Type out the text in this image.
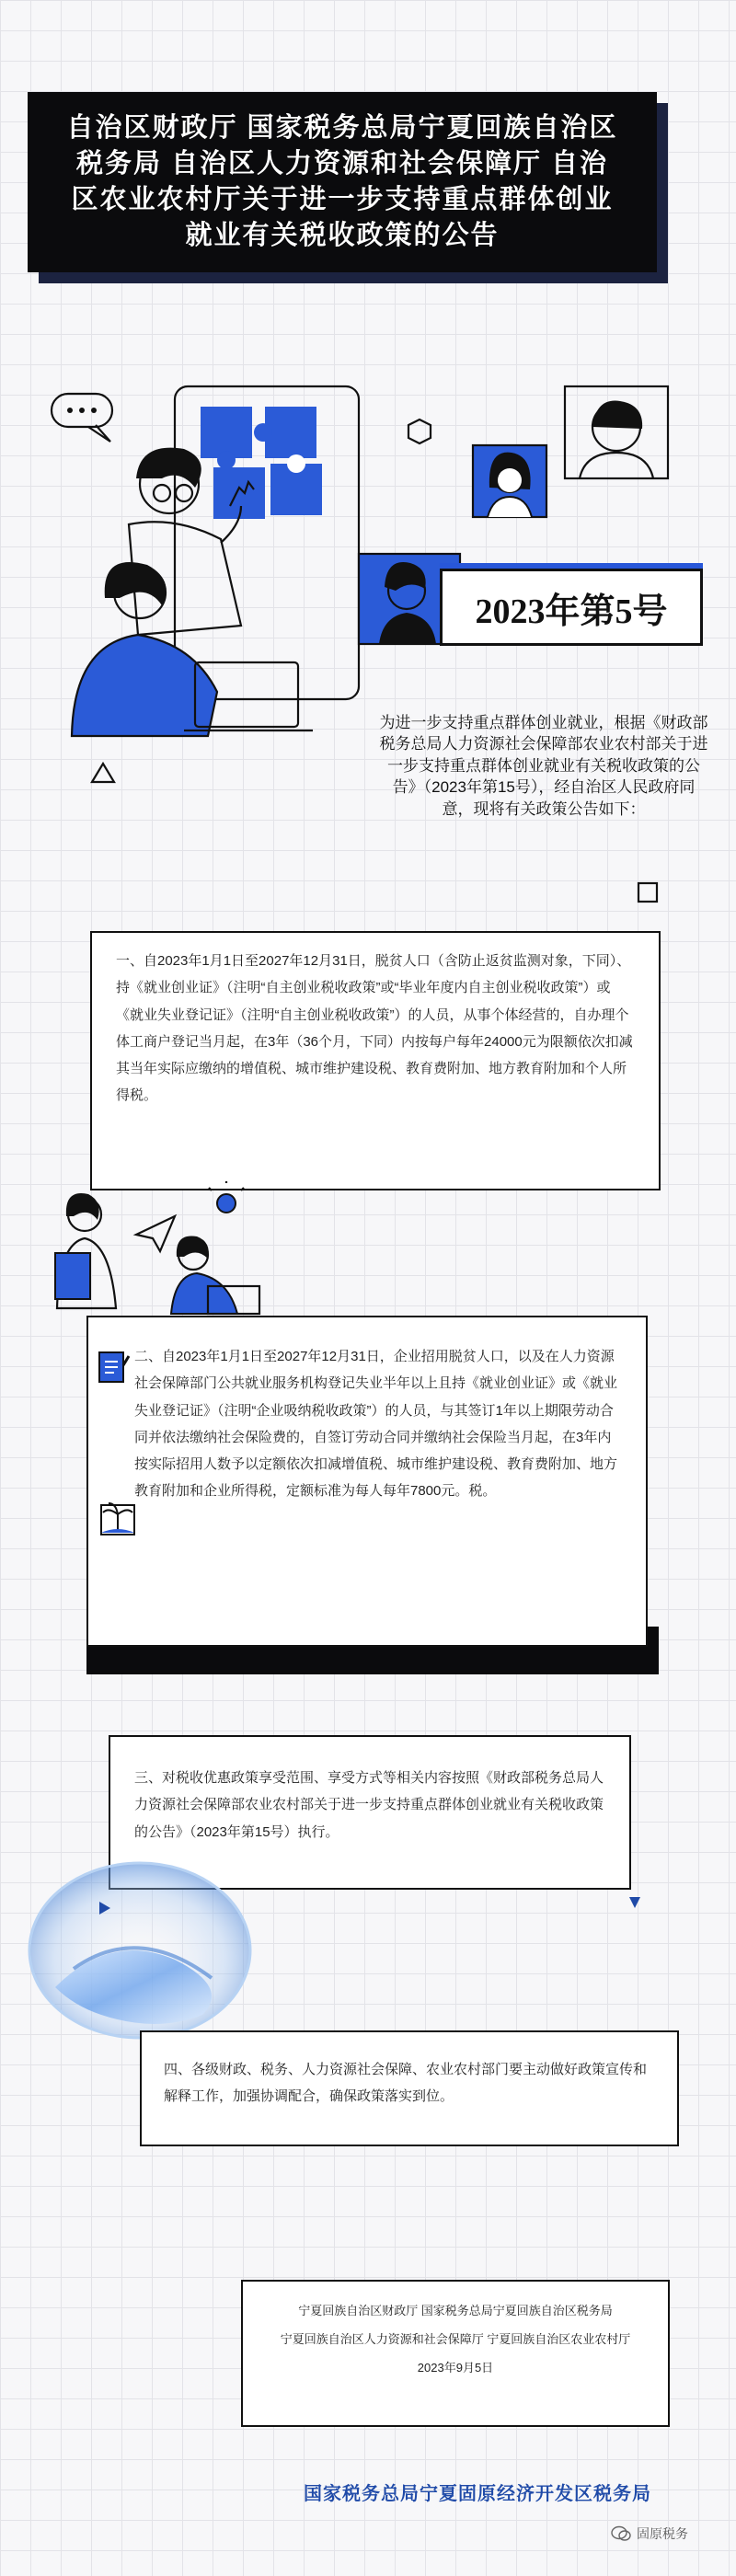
自治区财政厅 国家税务总局宁夏回族自治区税务局 自治区人力资源和社会保障厅 自治区农业农村厅关于进一步支持重点群体创业就业有关税收政策的公告
2023年第5号
为进一步支持重点群体创业就业，根据《财政部税务总局人力资源社会保障部农业农村部关于进一步支持重点群体创业就业有关税收政策的公告》（2023年第15号），经自治区人民政府同意，现将有关政策公告如下：

一、自2023年1月1日至2027年12月31日，脱贫人口（含防止返贫监测对象，下同）、持《就业创业证》（注明“自主创业税收政策”或“毕业年度内自主创业税收政策”）或《就业失业登记证》（注明“自主创业税收政策”）的人员，从事个体经营的，自办理个体工商户登记当月起，在3年（36个月，下同）内按每户每年24000元为限额依次扣减其当年实际应缴纳的增值税、城市维护建设税、教育费附加、地方教育附加和个人所得税。

二、自2023年1月1日至2027年12月31日，企业招用脱贫人口，以及在人力资源社会保障部门公共就业服务机构登记失业半年以上且持《就业创业证》或《就业失业登记证》（注明“企业吸纳税收政策”）的人员，与其签订1年以上期限劳动合同并依法缴纳社会保险费的，自签订劳动合同并缴纳社会保险当月起，在3年内按实际招用人数予以定额依次扣减增值税、城市维护建设税、教育费附加、地方教育附加和企业所得税，定额标准为每人每年7800元。税。

三、对税收优惠政策享受范围、享受方式等相关内容按照《财政部税务总局人力资源社会保障部农业农村部关于进一步支持重点群体创业就业有关税收政策的公告》（2023年第15号）执行。

四、各级财政、税务、人力资源社会保障、农业农村部门要主动做好政策宣传和解释工作，加强协调配合，确保政策落实到位。

宁夏回族自治区财政厅 国家税务总局宁夏回族自治区税务局
宁夏回族自治区人力资源和社会保障厅 宁夏回族自治区农业农村厅
2023年9月5日
国家税务总局宁夏固原经济开发区税务局
固原税务
